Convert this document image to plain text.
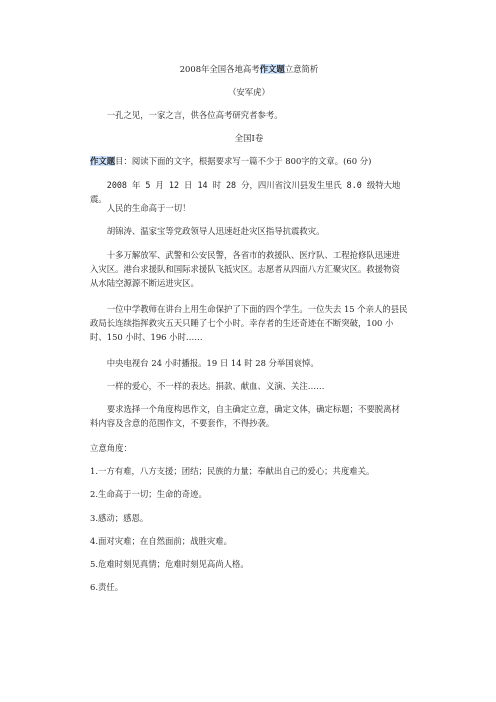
2008年全国各地高考作文题立意简析
（安军虎）
一孔之见，一家之言，供各位高考研究者参考。
全国Ⅰ卷
作文题目：阅读下面的文字，根据要求写一篇不少于 800字的文章。(60 分)
2008 年 5 月 12 日 14 时 28 分，四川省汶川县发生里氏 8.0 级特大地震。
人民的生命高于一切！
胡锦涛、温家宝等党政领导人迅速赶赴灾区指导抗震救灾。
十多万解放军、武警和公安民警，各省市的救援队、医疗队、工程抢修队迅速进入灾区。港台求援队和国际求援队飞抵灾区。志愿者从四面八方汇聚灾区。救援物资从水陆空源源不断运进灾区。
一位中学教师在讲台上用生命保护了下面的四个学生。一位失去 15 个亲人的县民政局长连续指挥救灾五天只睡了七个小时。幸存者的生还奇迹在不断突破，100 小时、150 小时、196 小时……
中央电视台 24 小时播报。19 日 14 时 28 分举国哀悼。
一样的爱心，不一样的表达。捐款、献血、义演、关注……
要求选择一个角度构思作文，自主确定立意，确定文体，确定标题；不要脱离材料内容及含意的范围作文，不要套作，不得抄袭。
立意角度：
1.一方有难，八方支援；团结；民族的力量；奉献出自己的爱心；共度难关。
2.生命高于一切；生命的奇迹。
3.感动；感恩。
4.面对灾难；在自然面前；战胜灾难。
5.危难时刻见真情；危难时刻见高尚人格。
6.责任。
